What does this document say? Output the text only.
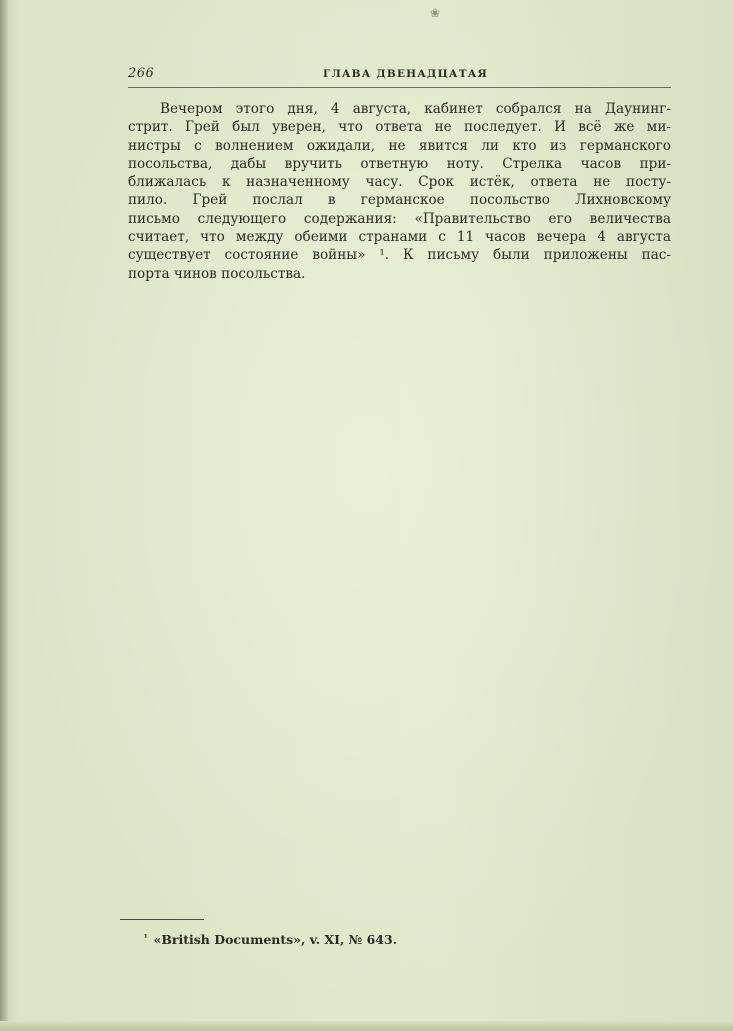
❀
266	ГЛАВА ДВЕНАДЦАТАЯ
Вечером этого дня, 4 августа, кабинет собрался на Даунинг-
стрит. Грей был уверен, что ответа не последует. И всё же ми-
нистры с волнением ожидали, не явится ли кто из германского
посольства, дабы вручить ответную ноту. Стрелка часов при-
ближалась к назначенному часу. Срок истёк, ответа не посту-
пило. Грей послал в германское посольство Лихновскому
письмо следующего содержания: «Правительство его величества
считает, что между обеими странами с 11 часов вечера 4 августа
существует состояние войны» ¹. К письму были приложены пас-
порта чинов посольства.
$^{^1}$ «British Documents», v. XI, № 643.
